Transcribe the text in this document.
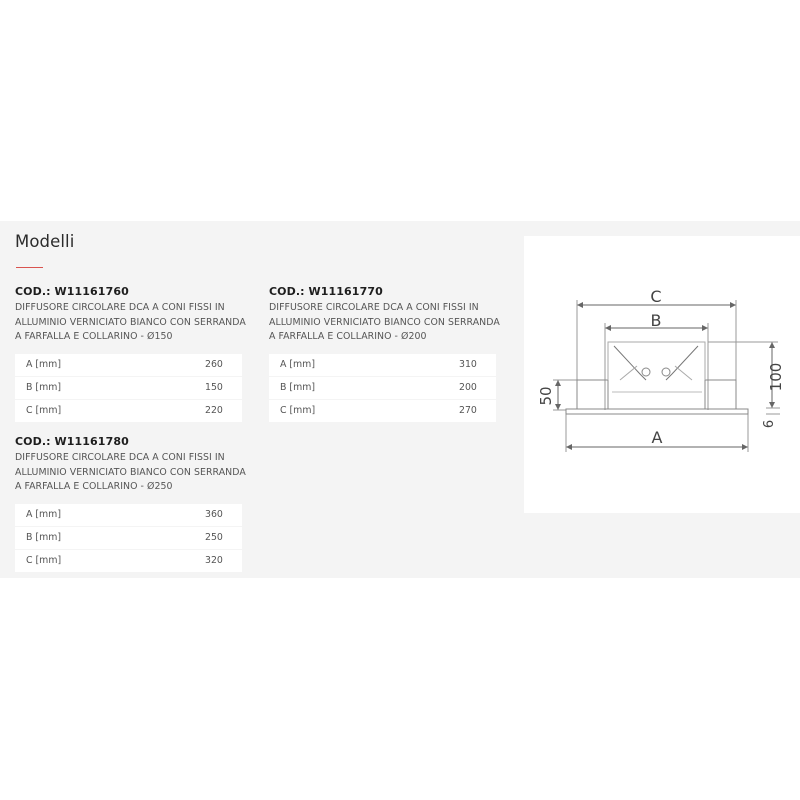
Modelli
COD.: W11161760
DIFFUSORE CIRCOLARE DCA A CONI FISSI IN ALLUMINIO VERNICIATO BIANCO CON SERRANDA A FARFALLA E COLLARINO - Ø150
A [mm]	260
B [mm]	150
C [mm]	220
COD.: W11161770
DIFFUSORE CIRCOLARE DCA A CONI FISSI IN ALLUMINIO VERNICIATO BIANCO CON SERRANDA A FARFALLA E COLLARINO - Ø200
A [mm]	310
B [mm]	200
C [mm]	270
COD.: W11161780
DIFFUSORE CIRCOLARE DCA A CONI FISSI IN ALLUMINIO VERNICIATO BIANCO CON SERRANDA A FARFALLA E COLLARINO - Ø250
A [mm]	360
B [mm]	250
C [mm]	320
C
B
A
100
50
6
